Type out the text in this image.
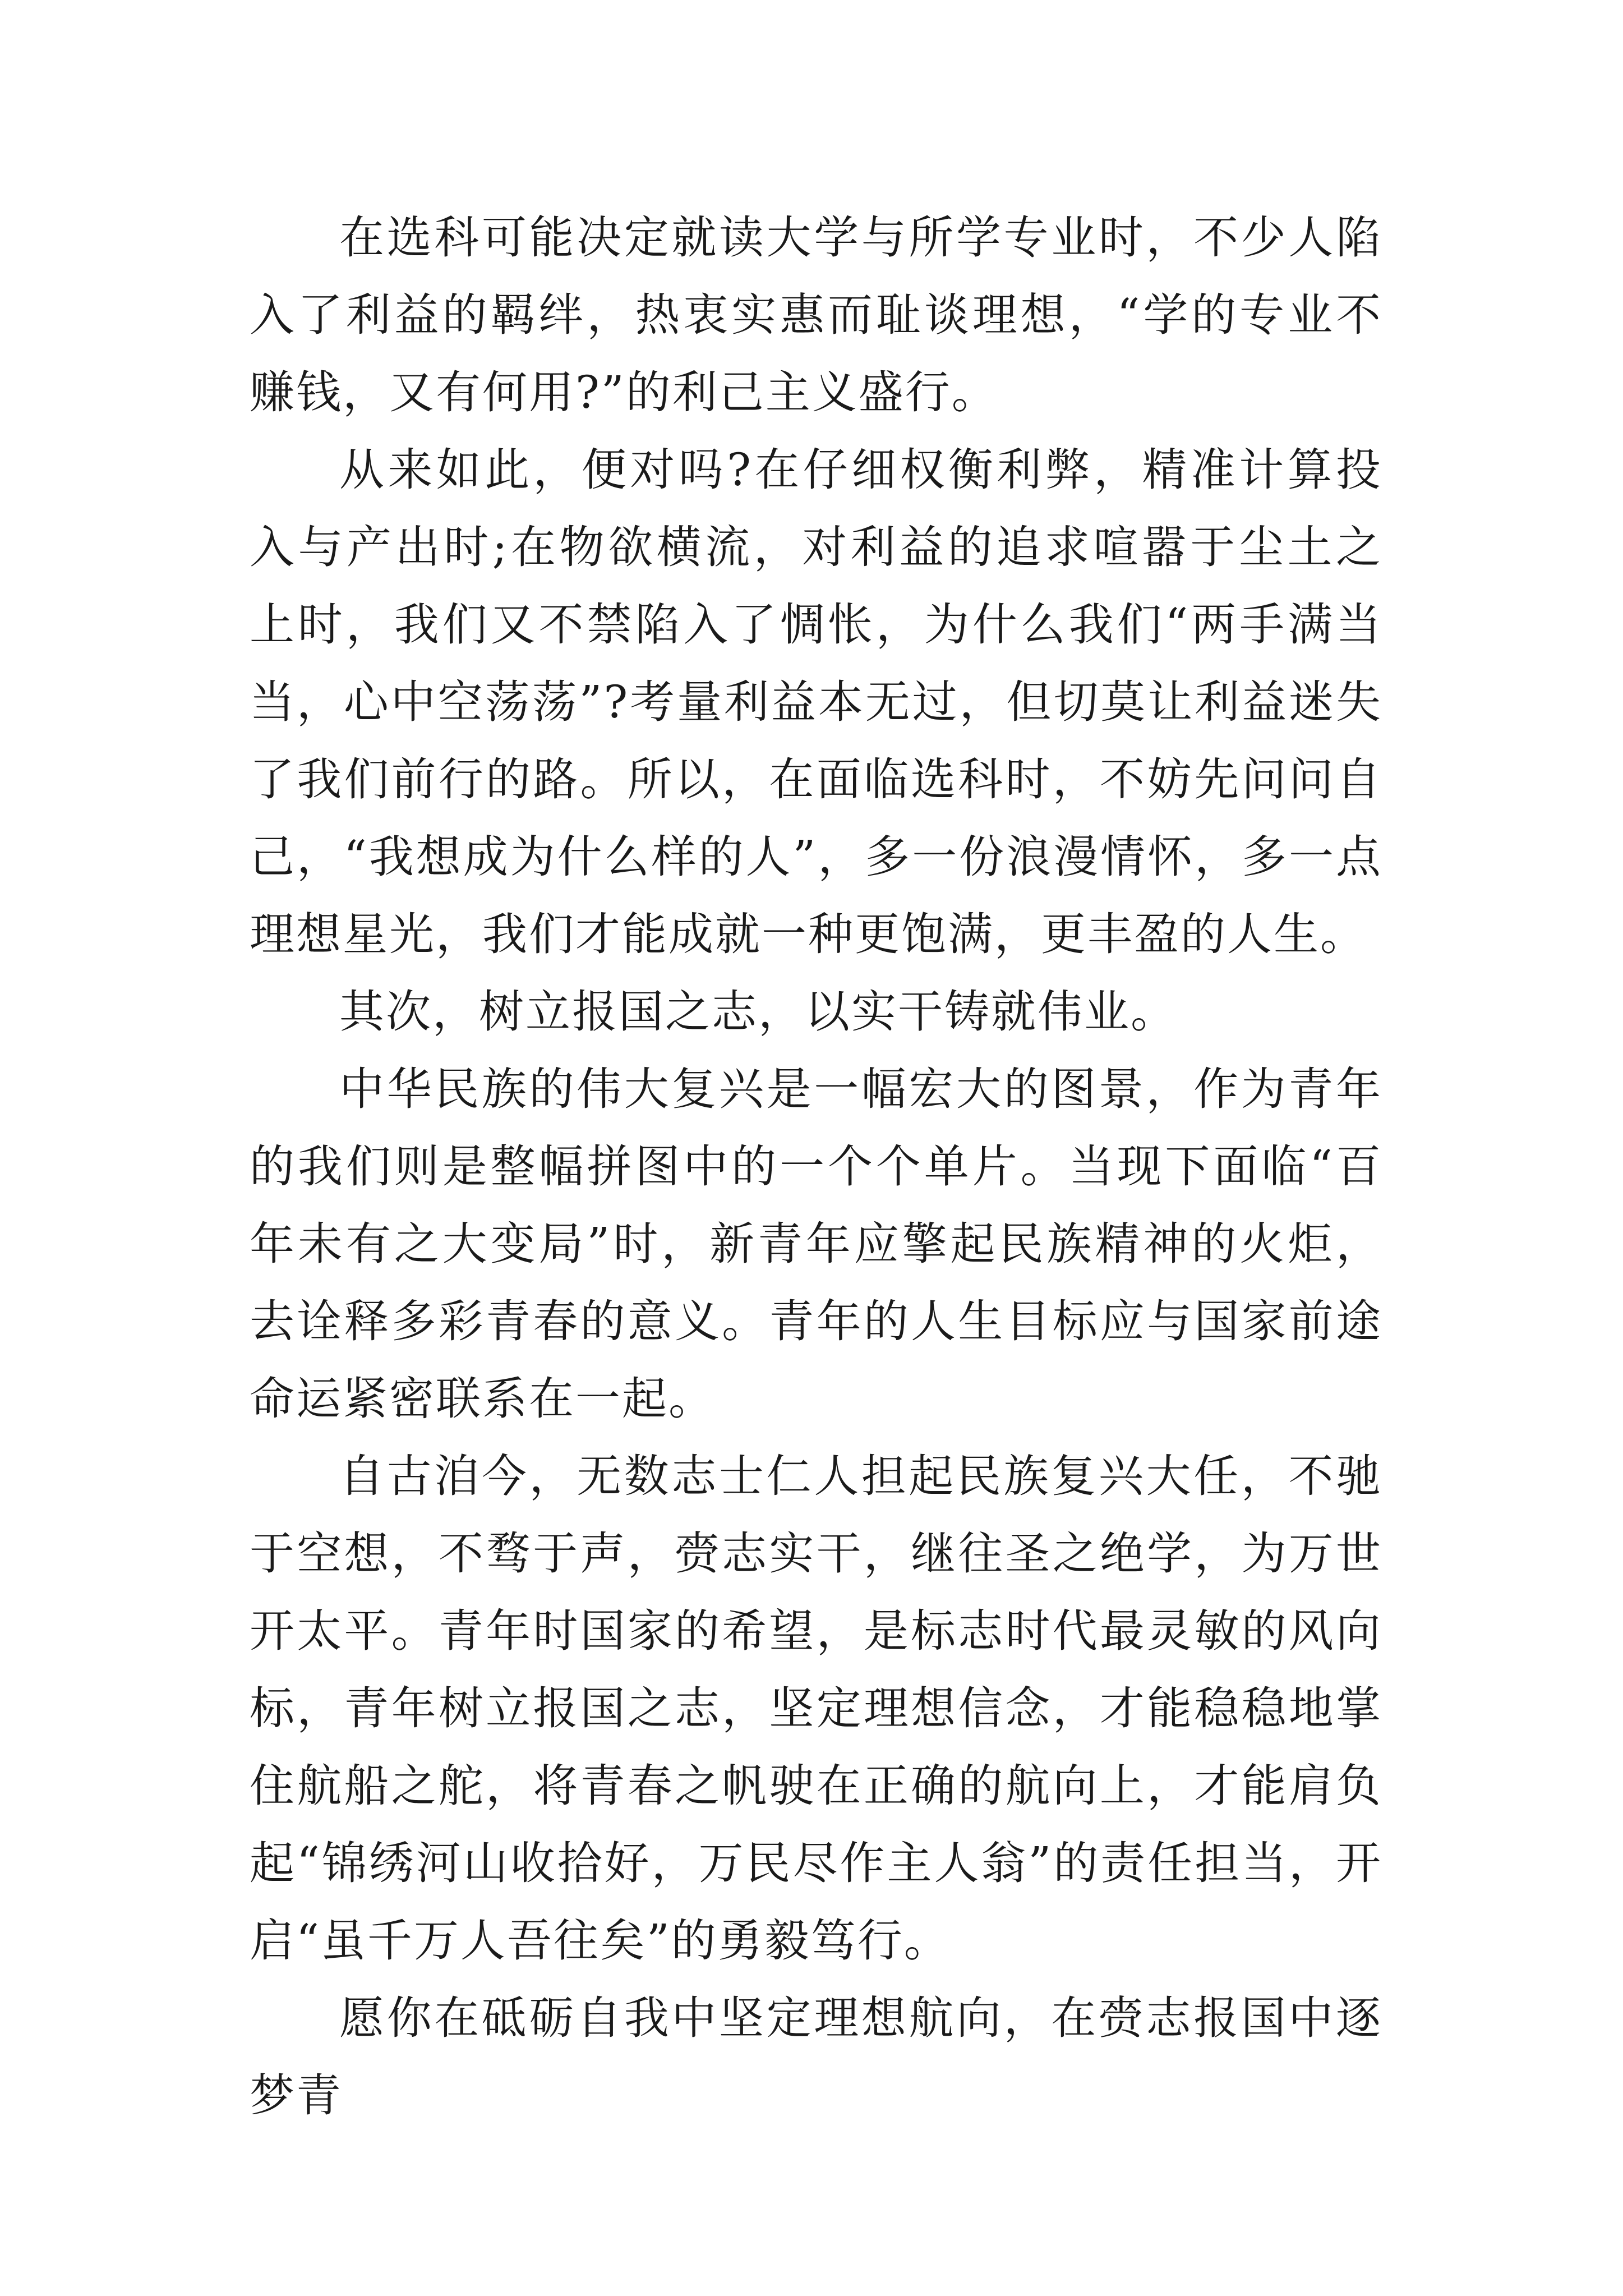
在选科可能决定就读大学与所学专业时，不少人陷入了利益的羁绊，热衷实惠而耻谈理想，“学的专业不赚钱，又有何用?”的利己主义盛行。

从来如此，便对吗?在仔细权衡利弊，精准计算投入与产出时;在物欲横流，对利益的追求喧嚣于尘土之上时，我们又不禁陷入了惆怅，为什么我们“两手满当当，心中空荡荡”?考量利益本无过，但切莫让利益迷失了我们前行的路。所以，在面临选科时，不妨先问问自己，“我想成为什么样的人”，多一份浪漫情怀，多一点理想星光，我们才能成就一种更饱满，更丰盈的人生。

其次，树立报国之志，以实干铸就伟业。

中华民族的伟大复兴是一幅宏大的图景，作为青年的我们则是整幅拼图中的一个个单片。当现下面临“百年未有之大变局”时，新青年应擎起民族精神的火炬，去诠释多彩青春的意义。青年的人生目标应与国家前途命运紧密联系在一起。

自古洎今，无数志士仁人担起民族复兴大任，不驰于空想，不骛于声，赍志实干，继往圣之绝学，为万世开太平。青年时国家的希望，是标志时代最灵敏的风向标，青年树立报国之志，坚定理想信念，才能稳稳地掌住航船之舵，将青春之帆驶在正确的航向上，才能肩负起“锦绣河山收拾好，万民尽作主人翁”的责任担当，开启“虽千万人吾往矣”的勇毅笃行。

愿你在砥砺自我中坚定理想航向，在赍志报国中逐梦青
